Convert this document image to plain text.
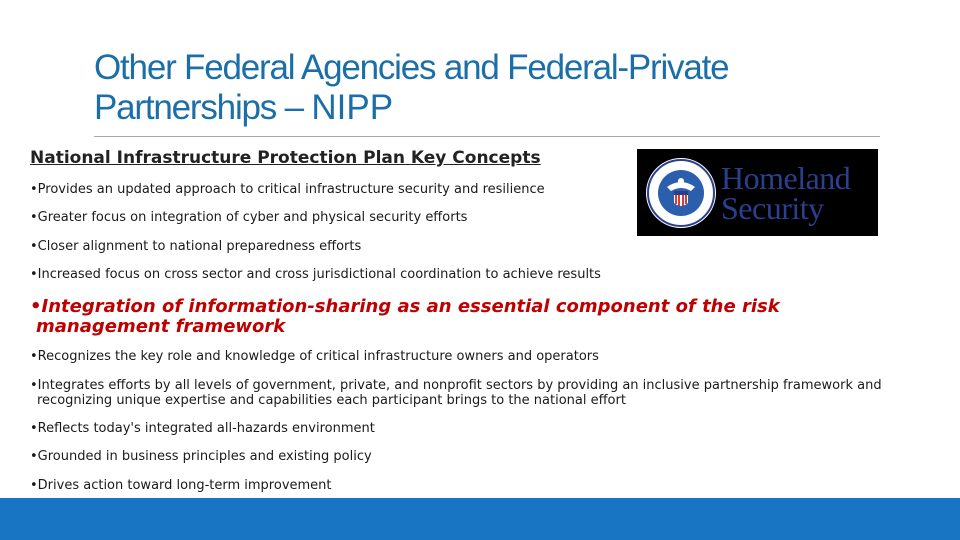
Other Federal Agencies and Federal-Private Partnerships – NIPP
National Infrastructure Protection Plan Key Concepts
Homeland
Security
•Provides an updated approach to critical infrastructure security and resilience
•Greater focus on integration of cyber and physical security efforts
•Closer alignment to national preparedness efforts
•Increased focus on cross sector and cross jurisdictional coordination to achieve results
•Integration of information-sharing as an essential component of the risk management framework
•Recognizes the key role and knowledge of critical infrastructure owners and operators
•Integrates efforts by all levels of government, private, and nonprofit sectors by providing an inclusive partnership framework and recognizing unique expertise and capabilities each participant brings to the national effort
•Reflects today's integrated all-hazards environment
•Grounded in business principles and existing policy
•Drives action toward long-term improvement
